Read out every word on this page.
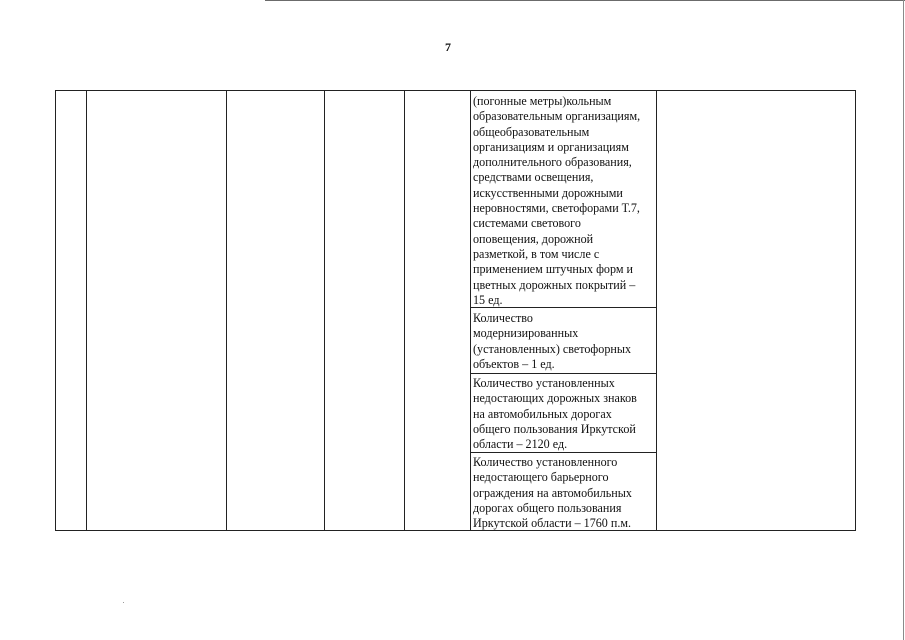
7
(погонные метры)кольным
образовательным организациям,
общеобразовательным
организациям и организациям
дополнительного образования,
средствами освещения,
искусственными дорожными
неровностями, светофорами Т.7,
системами светового
оповещения, дорожной
разметкой, в том числе с
применением штучных форм и
цветных дорожных покрытий –
15 ед.
Количество
модернизированных
(установленных) светофорных
объектов – 1 ед.
Количество установленных
недостающих дорожных знаков
на автомобильных дорогах
общего пользования Иркутской
области – 2120 ед.
Количество установленного
недостающего барьерного
ограждения на автомобильных
дорогах общего пользования
Иркутской области – 1760 п.м.
